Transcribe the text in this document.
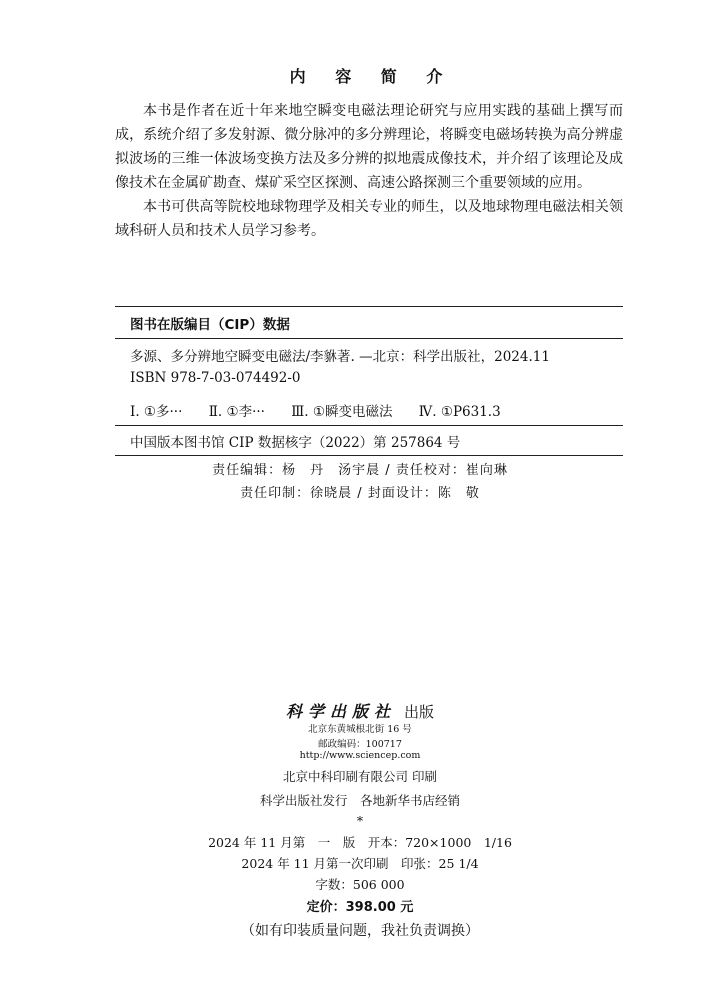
内 容 简 介

本书是作者在近十年来地空瞬变电磁法理论研究与应用实践的基础上撰写而成，系统介绍了多发射源、微分脉冲的多分辨理论，将瞬变电磁场转换为高分辨虚拟波场的三维一体波场变换方法及多分辨的拟地震成像技术，并介绍了该理论及成像技术在金属矿勘查、煤矿采空区探测、高速公路探测三个重要领域的应用。

本书可供高等院校地球物理学及相关专业的师生，以及地球物理电磁法相关领域科研人员和技术人员学习参考。

图书在版编目（CIP）数据
多源、多分辨地空瞬变电磁法/李貅著. —北京：科学出版社，2024.11
ISBN 978-7-03-074492-0
Ⅰ. ①多··· Ⅱ. ①李··· Ⅲ. ①瞬变电磁法 Ⅳ. ①P631.3
中国版本图书馆 CIP 数据核字（2022）第 257864 号
责任编辑：杨　丹　汤宇晨 / 责任校对：崔向琳
责任印制：徐晓晨 / 封面设计：陈　敬
科学出版社 出版
北京东黄城根北街 16 号
邮政编码：100717
http://www.sciencep.com
北京中科印刷有限公司 印刷
科学出版社发行　各地新华书店经销
*
2024 年 11 月第　一　版　开本：720×1000　1/16
2024 年 11 月第一次印刷　印张：25 1/4
字数：506 000
定价：398.00 元
（如有印装质量问题，我社负责调换）
